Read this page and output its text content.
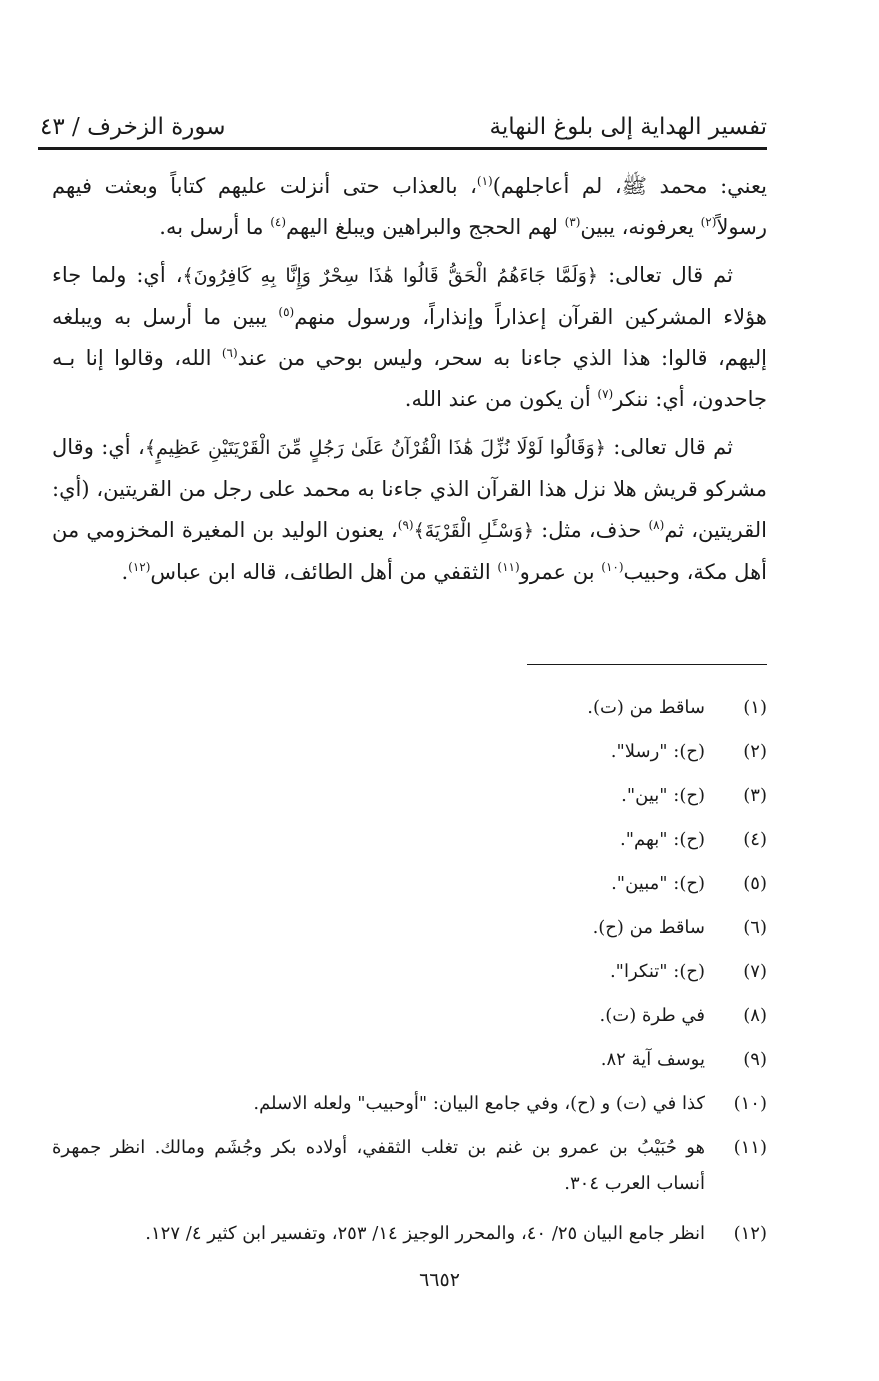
تفسير الهداية إلى بلوغ النهاية
سورة الزخرف / ٤٣

يعني: محمد ﷺ، لم أعاجلهم)$^{(١)}$، بالعذاب حتى أنزلت عليهم كتاباً وبعثت فيهم رسولاً$^{(٢)}$ يعرفونه، يبين$^{(٣)}$ لهم الحجج والبراهين ويبلغ اليهم$^{(٤)}$ ما أرسل به.

ثم قال تعالى: ﴿وَلَمَّا جَاءَهُمُ الْحَقُّ قَالُوا هَٰذَا سِحْرٌ وَإِنَّا بِهِ كَافِرُونَ﴾، أي: ولما جاء هؤلاء المشركين القرآن إعذاراً وإنذاراً، ورسول منهم$^{(٥)}$ يبين ما أرسل به ويبلغه إليهم، قالوا: هذا الذي جاءنا به سحر، وليس بوحي من عند$^{(٦)}$ الله، وقالوا إنا بـه جاحدون، أي: ننكر$^{(٧)}$ أن يكون من عند الله.

ثم قال تعالى: ﴿وَقَالُوا لَوْلَا نُزِّلَ هَٰذَا الْقُرْآنُ عَلَىٰ رَجُلٍ مِّنَ الْقَرْيَتَيْنِ عَظِيمٍ﴾، أي: وقال مشركو قريش هلا نزل هذا القرآن الذي جاءنا به محمد على رجل من القريتين، (أي: القريتين، ثم$^{(٨)}$ حذف، مثل: ﴿وَسْـَٔلِ الْقَرْيَةَ﴾$^{(٩)}$، يعنون الوليد بن المغيرة المخزومي من أهل مكة، وحبيب$^{(١٠)}$ بن عمرو$^{(١١)}$ الثقفي من أهل الطائف، قاله ابن عباس$^{(١٢)}$.

(١)
ساقط من (ت).
(٢)
(ح): "رسلا".
(٣)
(ح): "بين".
(٤)
(ح): "بهم".
(٥)
(ح): "مبين".
(٦)
ساقط من (ح).
(٧)
(ح): "تنكرا".
(٨)
في طرة (ت).
(٩)
يوسف آية ٨٢.
(١٠)
كذا في (ت) و (ح)، وفي جامع البيان: "أوحبيب" ولعله الاسلم.
(١١)
هو حُبَيْبُ بن عمرو بن غنم بن تغلب الثقفي، أولاده بكر وجُشَم ومالك. انظر جمهرة أنساب العرب ٣٠٤.
(١٢)
انظر جامع البيان ٢٥/ ٤٠، والمحرر الوجيز ١٤/ ٢٥٣، وتفسير ابن كثير ٤/ ١٢٧.
٦٦٥٢
